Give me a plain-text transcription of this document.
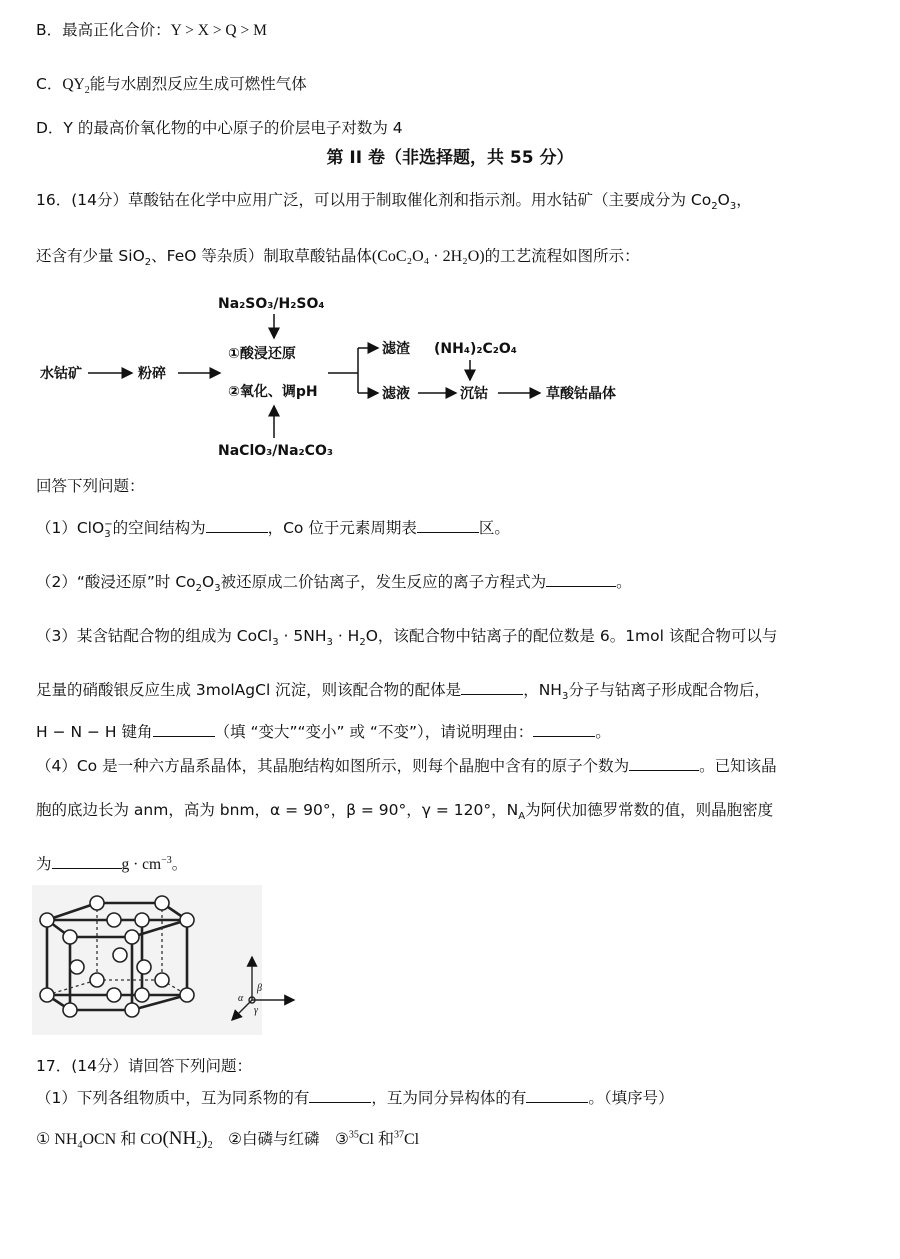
B．最高正化合价：Y > X > Q > M
C．$QY_2$能与水剧烈反应生成可燃性气体
D．Y 的最高价氧化物的中心原子的价层电子对数为 4
第 II 卷（非选择题，共 55 分）
16．(14分）草酸钴在化学中应用广泛，可以用于制取催化剂和指示剂。用水钴矿（主要成分为 $Co_2O_3$，
还含有少量 SiO$_2$、FeO 等杂质）制取草酸钴晶体(CoC₂O₄ · 2H₂O)的工艺流程如图所示：
Na₂SO₃/H₂SO₄
水钴矿	粉碎
①酸浸还原
②氧化、调pH
NaClO₃/Na₂CO₃
滤渣 (NH₄)₂C₂O₄
滤液	沉钴	草酸钴晶体
回答下列问题：
（1）ClO −
3 的空间结构为	，Co 位于元素周期表	区。
（2）“酸浸还原”时 $Co_2O_3$被还原成二价钴离子，发生反应的离子方程式为	。
（3）某含钴配合物的组成为 CoCl$_3$ · $5NH_3 \cdot H_2O$，该配合物中钴离子的配位数是 6。1mol 该配合物可以与
足量的硝酸银反应生成 3molAgCl 沉淀，则该配合物的配体是	，$NH_3$分子与钴离子形成配合物后，
H − N − H 键角	（填 “变大”“变小” 或 “不变”），请说明理由：	。
（4）Co 是一种六方晶系晶体，其晶胞结构如图所示，则每个晶胞中含有的原子个数为	。已知该晶
胞的底边长为 anm，高为 bnm，α = 90°，β = 90°，γ = 120°，$N_A$为阿伏加德罗常数的值，则晶胞密度
为	$g \cdot cm^{-3}$。
α
β
γ
17．(14分）请回答下列问题：
（1）下列各组物质中，互为同系物的有	，互为同分异构体的有	。（填序号）
① $NH_4OCN$ 和 $CO(NH_2)_2$　②白磷与红磷　③$^{35}$Cl 和$^{37}$Cl
